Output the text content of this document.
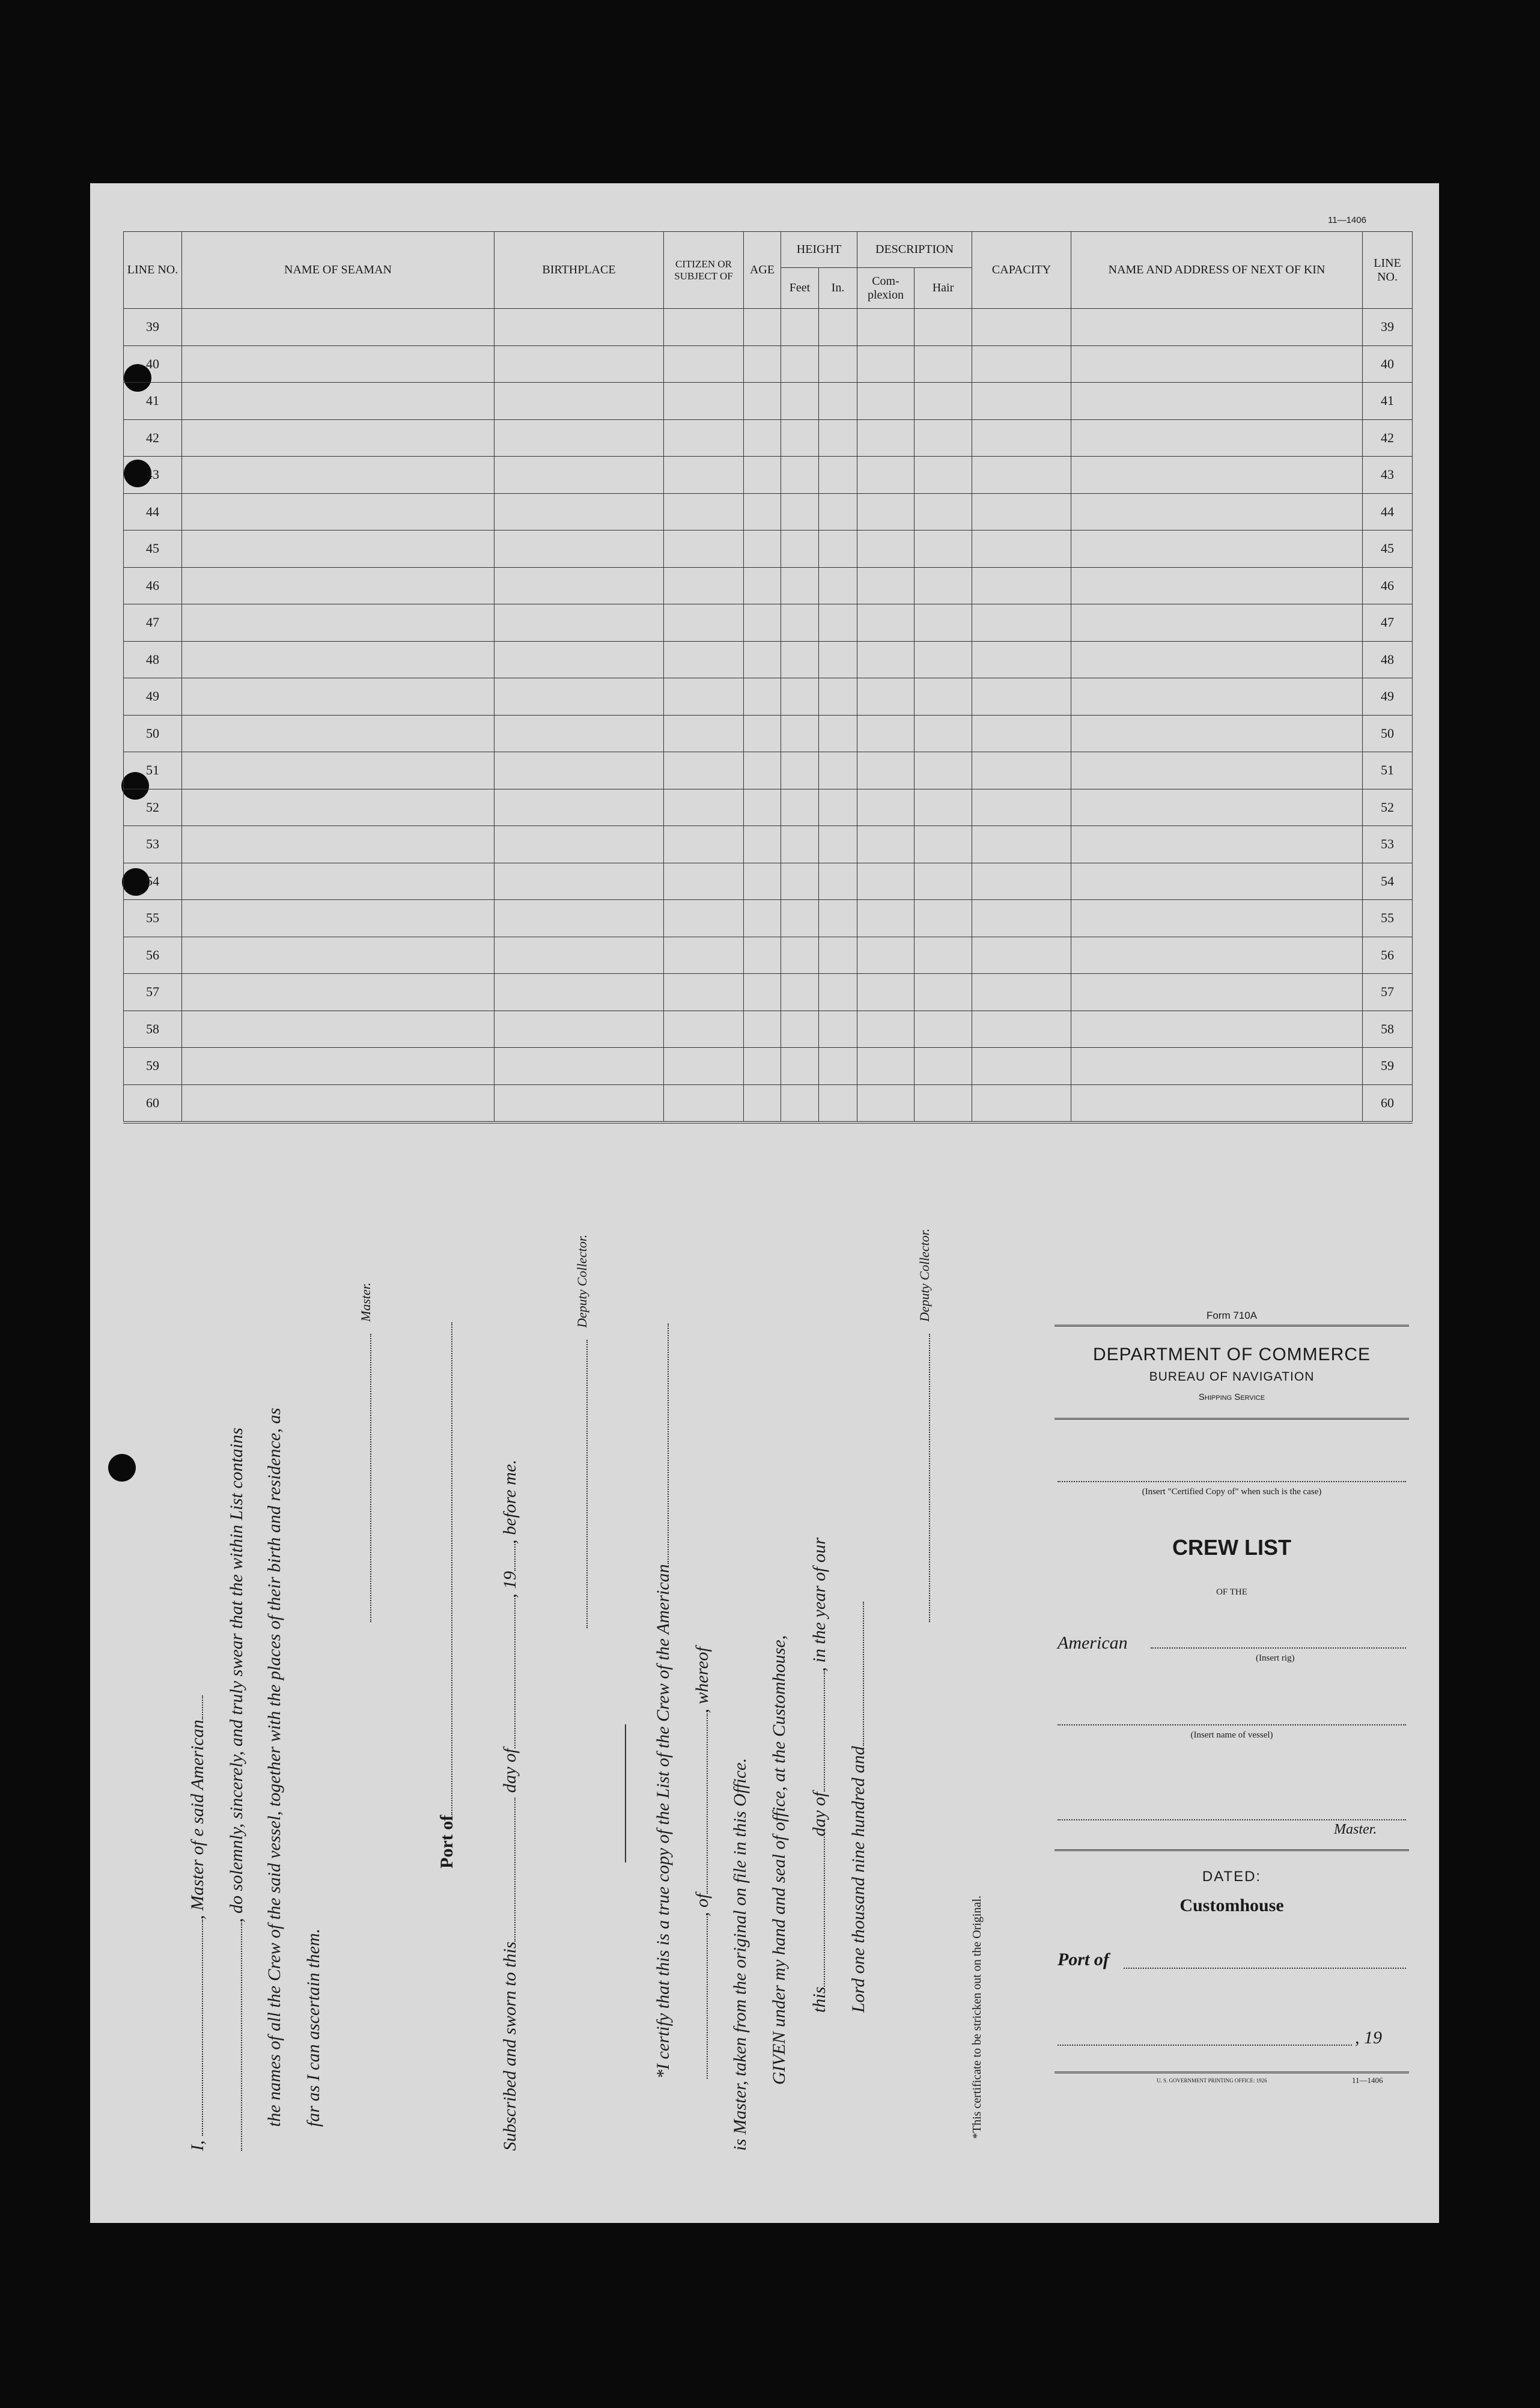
11—1406
LINE NO.	NAME OF SEAMAN	BIRTHPLACE	CITIZEN OR SUBJECT OF	AGE	HEIGHT		DESCRIPTION		CAPACITY	NAME AND ADDRESS OF NEXT OF KIN	LINE NO.
					Feet	In.	Com- plexion	Hair			
39											39
40											40
41											41
42											42
43											43
44											44
45											45
46											46
47											47
48											48
49											49
50											50
51											51
52											52
53											53
54											54
55											55
56											56
57											57
58											58
59											59
60											60
I, , Master of e said American , do solemnly, sincerely, and truly swear that the within List contains the names of all the Crew of the said vessel, together with the places of their birth and residence, as far as I can ascertain them.
Master.
Port of
Subscribed and sworn to this day of, 19, before me.
Deputy Collector.
*I certify that this is a true copy of the List of the Crew of the American , of, whereof
is Master, taken from the original on file in this Office. GIVEN under my hand and seal of office, at the Customhouse, thisday of, in the year of our
Lord one thousand nine hundred and
Deputy Collector.
*This certificate to be stricken out on the Original.
Form 710A
DEPARTMENT OF COMMERCE
BUREAU OF NAVIGATION
Shipping Service
(Insert "Certified Copy of" when such is the case)
CREW LIST
OF THE
American
(Insert rig)
(Insert name of vessel)
Master.
DATED:
Customhouse
Port of
, 19
U. S. GOVERNMENT PRINTING OFFICE: 1926	11—1406
